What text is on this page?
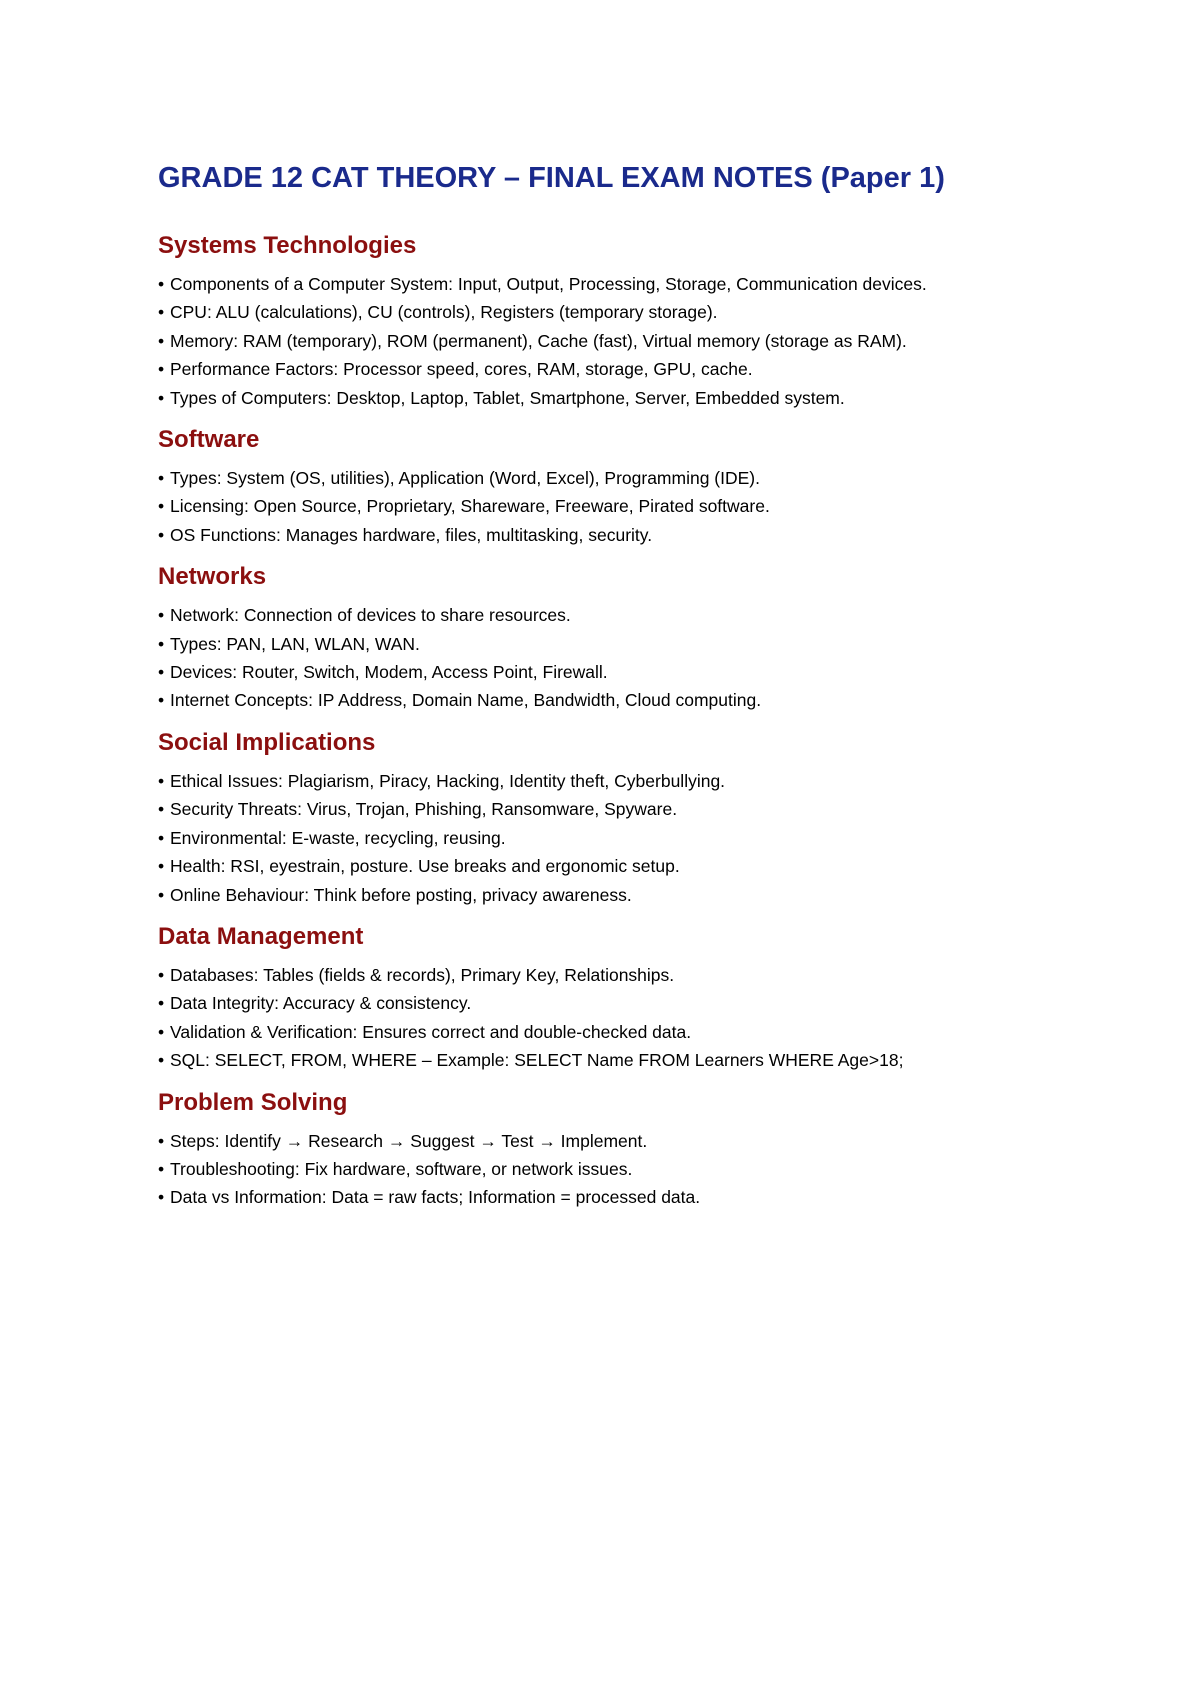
GRADE 12 CAT THEORY – FINAL EXAM NOTES (Paper 1)
Systems Technologies
• Components of a Computer System: Input, Output, Processing, Storage, Communication devices.
• CPU: ALU (calculations), CU (controls), Registers (temporary storage).
• Memory: RAM (temporary), ROM (permanent), Cache (fast), Virtual memory (storage as RAM).
• Performance Factors: Processor speed, cores, RAM, storage, GPU, cache.
• Types of Computers: Desktop, Laptop, Tablet, Smartphone, Server, Embedded system.
Software
• Types: System (OS, utilities), Application (Word, Excel), Programming (IDE).
• Licensing: Open Source, Proprietary, Shareware, Freeware, Pirated software.
• OS Functions: Manages hardware, files, multitasking, security.
Networks
• Network: Connection of devices to share resources.
• Types: PAN, LAN, WLAN, WAN.
• Devices: Router, Switch, Modem, Access Point, Firewall.
• Internet Concepts: IP Address, Domain Name, Bandwidth, Cloud computing.
Social Implications
• Ethical Issues: Plagiarism, Piracy, Hacking, Identity theft, Cyberbullying.
• Security Threats: Virus, Trojan, Phishing, Ransomware, Spyware.
• Environmental: E-waste, recycling, reusing.
• Health: RSI, eyestrain, posture. Use breaks and ergonomic setup.
• Online Behaviour: Think before posting, privacy awareness.
Data Management
• Databases: Tables (fields & records), Primary Key, Relationships.
• Data Integrity: Accuracy & consistency.
• Validation & Verification: Ensures correct and double-checked data.
• SQL: SELECT, FROM, WHERE – Example: SELECT Name FROM Learners WHERE Age>18;
Problem Solving
• Steps: Identify → Research → Suggest → Test → Implement.
• Troubleshooting: Fix hardware, software, or network issues.
• Data vs Information: Data = raw facts; Information = processed data.
